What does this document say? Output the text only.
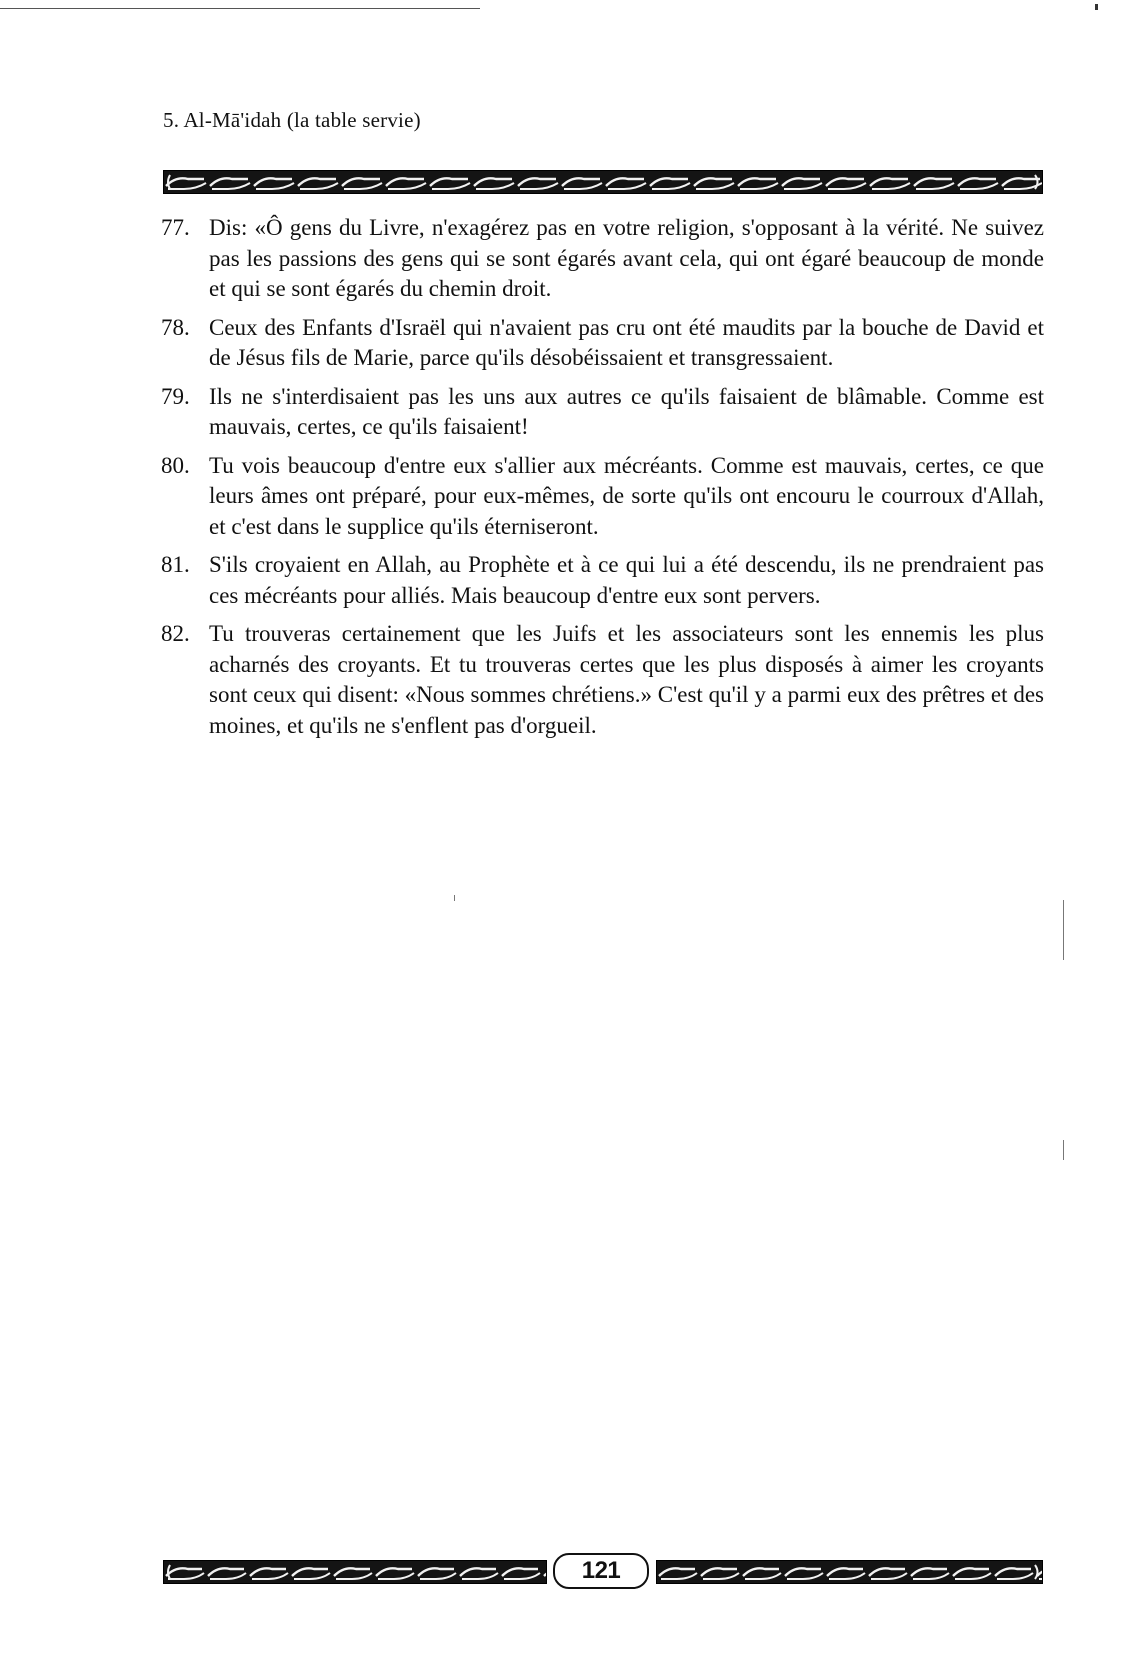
5. Al-Mā'idah (la table servie)
77. Dis: «Ô gens du Livre, n'exagérez pas en votre religion, s'opposant à la vérité. Ne suivez pas les passions des gens qui se sont égarés avant cela, qui ont égaré beaucoup de monde et qui se sont égarés du chemin droit.
78. Ceux des Enfants d'Israël qui n'avaient pas cru ont été maudits par la bouche de David et de Jésus fils de Marie, parce qu'ils désobéissaient et transgressaient.
79. Ils ne s'interdisaient pas les uns aux autres ce qu'ils faisaient de blâmable. Comme est mauvais, certes, ce qu'ils faisaient!
80. Tu vois beaucoup d'entre eux s'allier aux mécréants. Comme est mauvais, certes, ce que leurs âmes ont préparé, pour eux-mêmes, de sorte qu'ils ont encouru le courroux d'Allah, et c'est dans le supplice qu'ils éterniseront.
81. S'ils croyaient en Allah, au Prophète et à ce qui lui a été descendu, ils ne prendraient pas ces mécréants pour alliés. Mais beaucoup d'entre eux sont pervers.
82. Tu trouveras certainement que les Juifs et les associateurs sont les ennemis les plus acharnés des croyants. Et tu trouveras certes que les plus disposés à aimer les croyants sont ceux qui disent: «Nous sommes chrétiens.» C'est qu'il y a parmi eux des prêtres et des moines, et qu'ils ne s'enflent pas d'orgueil.
121
